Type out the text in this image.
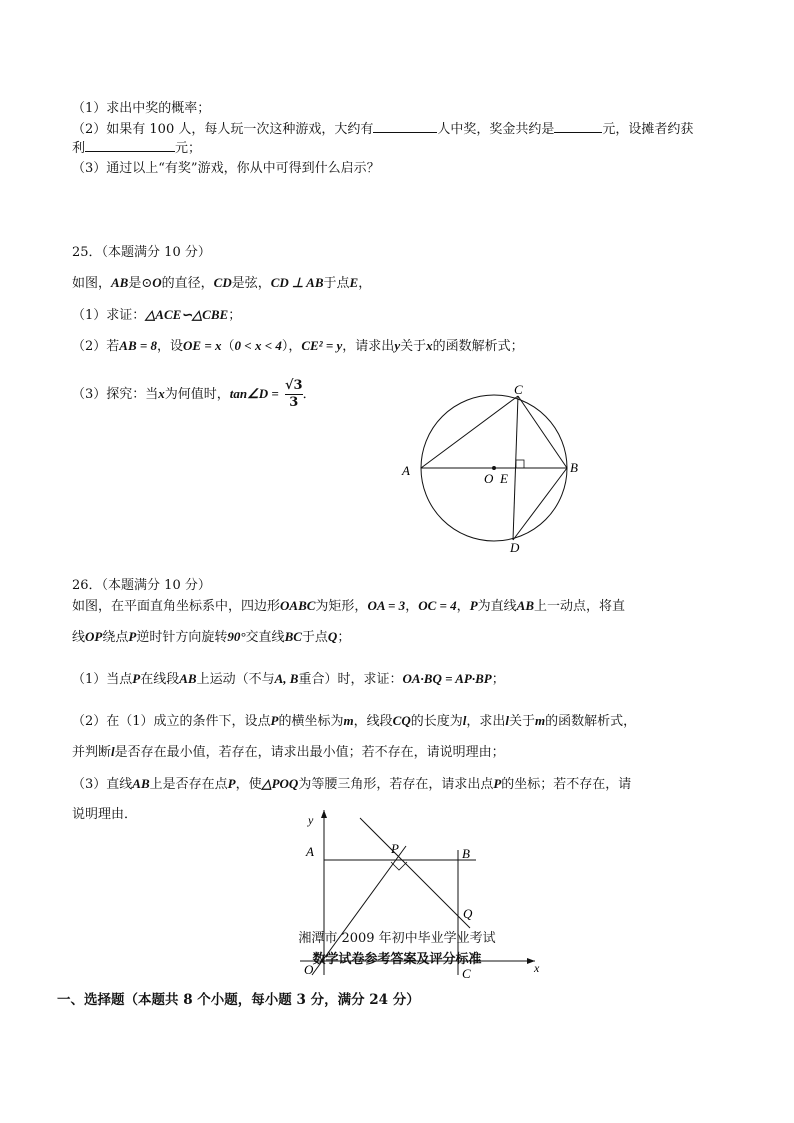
（1）求出中奖的概率；
（2）如果有 100 人，每人玩一次这种游戏，大约有	人中奖，奖金共约是	元，设摊者约获
利	元；
（3）通过以上“有奖”游戏，你从中可得到什么启示？
25．（本题满分 10 分）
如图，AB是⊙O的直径，CD是弦，CD ⊥ AB于点E，
（1）求证：△ACE∽△CBE；
（2）若AB = 8，设OE = x（0 < x < 4），CE² = y，请求出y关于x的函数解析式；
（3）探究：当x为何值时，tan∠D = $\frac{√3}{3}$ ．
A	B
C
D
O E
26．（本题满分 10 分）
如图，在平面直角坐标系中，四边形OABC为矩形，OA = 3，OC = 4，P为直线AB上一动点，将直
线OP绕点P逆时针方向旋转90°交直线BC于点Q；
（1）当点P在线段AB上运动（不与A, B重合）时，求证：OA·BQ = AP·BP；
（2）在（1）成立的条件下，设点P的横坐标为m，线段CQ的长度为l，求出l关于m的函数解析式，
并判断l是否存在最小值，若存在，请求出最小值；若不存在，请说明理由；
（3）直线AB上是否存在点P，使△POQ为等腰三角形，若存在，请求出点P的坐标；若不存在，请
说明理由．	y
x
A	B
P
Q
O	C
湘潭市 2009 年初中毕业学业考试
数学试卷参考答案及评分标准
一、选择题（本题共 8 个小题，每小题 3 分，满分 24 分）
